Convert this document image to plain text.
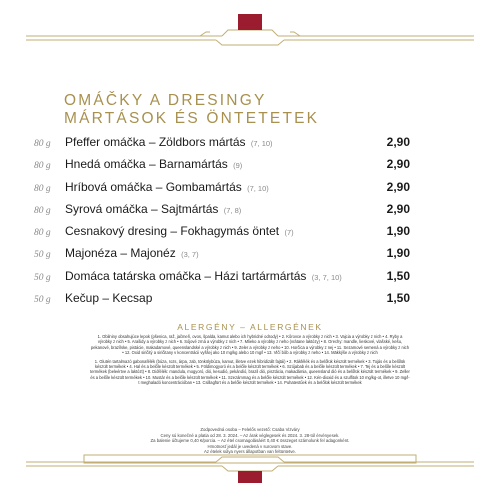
OMÁČKY A DRESINGY
MÁRTÁSOK ÉS ÖNTETETEK
80 g Pfeffer omáčka – Zöldbors mártás (7, 10)	2,90
80 g Hnedá omáčka – Barnamártás (9)	2,90
80 g Hríbová omáčka – Gombamártás (7, 10)	2,90
80 g Syrová omáčka – Sajtmártás (7, 8)	2,90
80 g Cesnakový dresing – Fokhagymás öntet (7)	1,90
50 g Majonéza – Majonéz (3, 7)	1,90
50 g Domáca tatárska omáčka – Házi tartármártás (3, 7, 10)	1,50
50 g Kečup – Kecsap	1,50
ALERGÉNY – ALLERGÉNEK

1. Obilniny obsahujúce lepok (pšenica, raž, jačmeň, ovos, špalda, kamut alebo ich hybridné odrody) • 2. Kôrovce a výrobky z nich • 3. Vajcia a výrobky z nich • 4. Ryby a výrobky z nich • 5. Arašidy a výrobky z nich • 6. Sójové zrná a výrobky z nich • 7. Mlieko a výrobky z neho (vrátane laktózy) • 8. Orechy: mandle, lieskové, vlašské, kešu, pekanové, brazílske, pistácie, makadamové, queenslandské a výrobky z nich • 9. Zeler a výrobky z neho • 10. Horčica a výrobky z nej • 11. Sezamové semená a výrobky z nich • 12. Oxid siričitý a siričitany v koncentrácii vyššej ako 10 mg/kg alebo 10 mg/l • 13. Vlčí bôb a výrobky z neho • 14. Mäkkýše a výrobky z nich

1. Glutén tartalmazó gabonafélék (búza, rozs, árpa, zab, tönkölybúza, kamut, illetve ezek hibridizált fajtái) • 2. Rákfélék és a belőlük készült termékek • 3. Tojás és a belőlük készült termékek • 4. Hal és a belőle készült termékek • 5. Földimogyoró és a belőle készült termékek • 6. Szójabab és a belőle készült termékek • 7. Tej és a belőle készült termékek (beleértve a laktózt) • 8. Diófélék: mandula, mogyoró, dió, kesudió, pekándió, brazil dió, pisztácia, makadámia, queensland dió és a belőlük készült termékek • 9. Zeller és a belőle készült termékek • 10. Mustár és a belőle készült termékek • 11. Szezámmag és a belőle készült termékek • 12. Kén-dioxid és a szulfitok 10 mg/kg-ot, illetve 10 mg/l-t meghaladó koncentrációban • 13. Csillagfürt és a belőle készült termékek • 14. Puhatestűek és a belőlük készült termékek

Zodpovedná osoba – Felelős vezető: Csaba Vizváry
Ceny sú konečné a platia od 28. 3. 2024. – Az árak véglegesek és 2024. 3. 28-tól érvényesek.
Za balenie účtujeme 0,40 €/porcia. – Az étel csomagolásáért 0,40 € összeget számolunk fel adagonként.
Hmotnosť jedál je uvedená v surovom stave.
Az ételek súlya nyers állapotban van feltüntetve.
